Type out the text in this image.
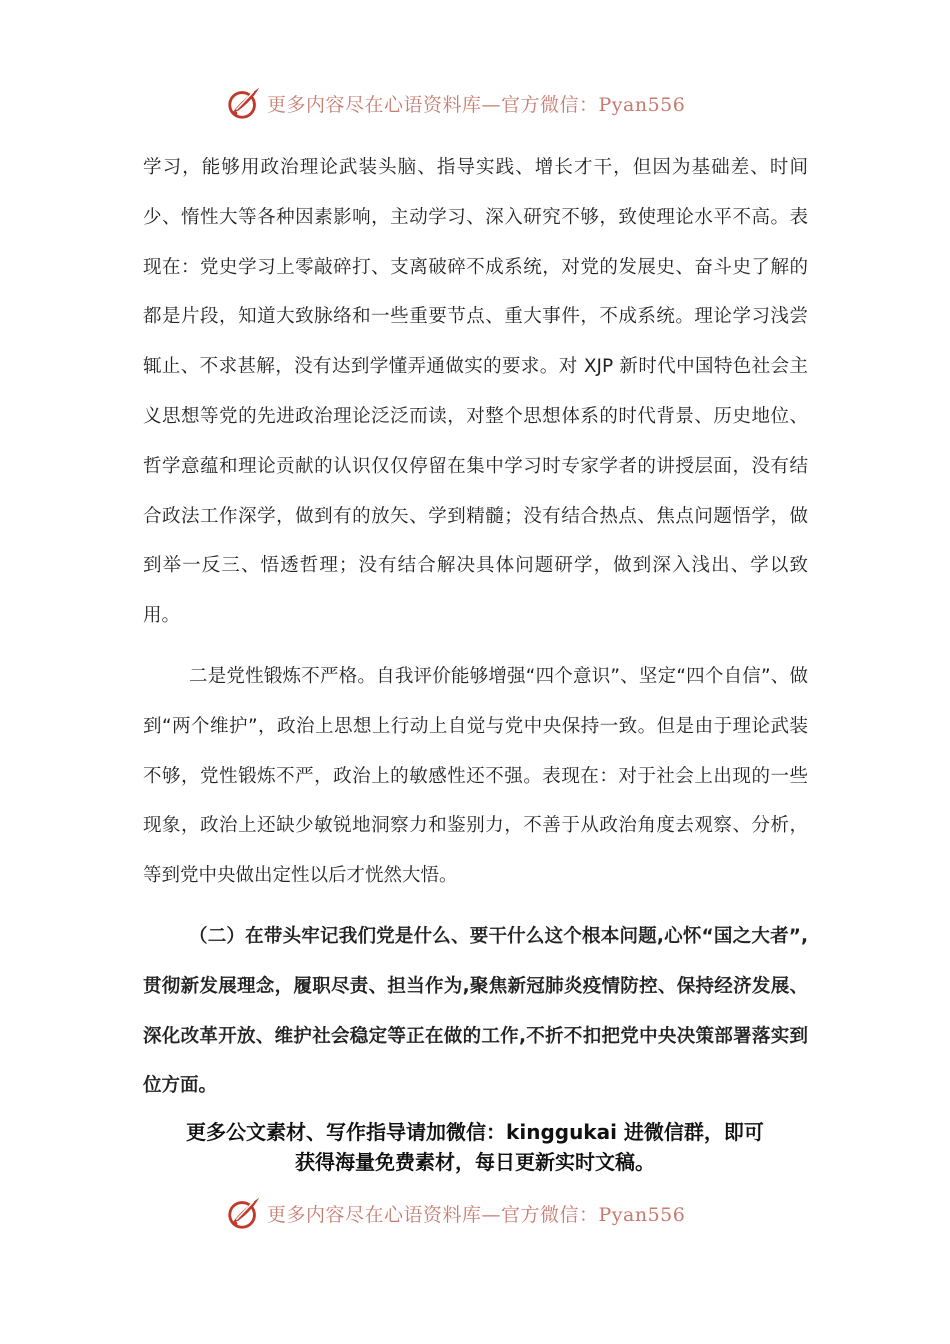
更多内容尽在心语资料库—官方微信：Pyan556

学习，能够用政治理论武装头脑、指导实践、增长才干，但因为基础差、时间少、惰性大等各种因素影响，主动学习、深入研究不够，致使理论水平不高。表现在：党史学习上零敲碎打、支离破碎不成系统，对党的发展史、奋斗史了解的都是片段，知道大致脉络和一些重要节点、重大事件，不成系统。理论学习浅尝辄止、不求甚解，没有达到学懂弄通做实的要求。对 XJP 新时代中国特色社会主义思想等党的先进政治理论泛泛而读，对整个思想体系的时代背景、历史地位、哲学意蕴和理论贡献的认识仅仅停留在集中学习时专家学者的讲授层面，没有结合政法工作深学，做到有的放矢、学到精髓；没有结合热点、焦点问题悟学，做到举一反三、悟透哲理；没有结合解决具体问题研学，做到深入浅出、学以致用。

二是党性锻炼不严格。自我评价能够增强“四个意识”、坚定“四个自信”、做到“两个维护”，政治上思想上行动上自觉与党中央保持一致。但是由于理论武装不够，党性锻炼不严，政治上的敏感性还不强。表现在：对于社会上出现的一些现象，政治上还缺少敏锐地洞察力和鉴别力，不善于从政治角度去观察、分析，等到党中央做出定性以后才恍然大悟。

（二）在带头牢记我们党是什么、要干什么这个根本问题,心怀“国之大者”,贯彻新发展理念，履职尽责、担当作为,聚焦新冠肺炎疫情防控、保持经济发展、深化改革开放、维护社会稳定等正在做的工作,不折不扣把党中央决策部署落实到位方面。

更多公文素材、写作指导请加微信：kinggukai 进微信群，即可
获得海量免费素材，每日更新实时文稿。
更多内容尽在心语资料库—官方微信：Pyan556
